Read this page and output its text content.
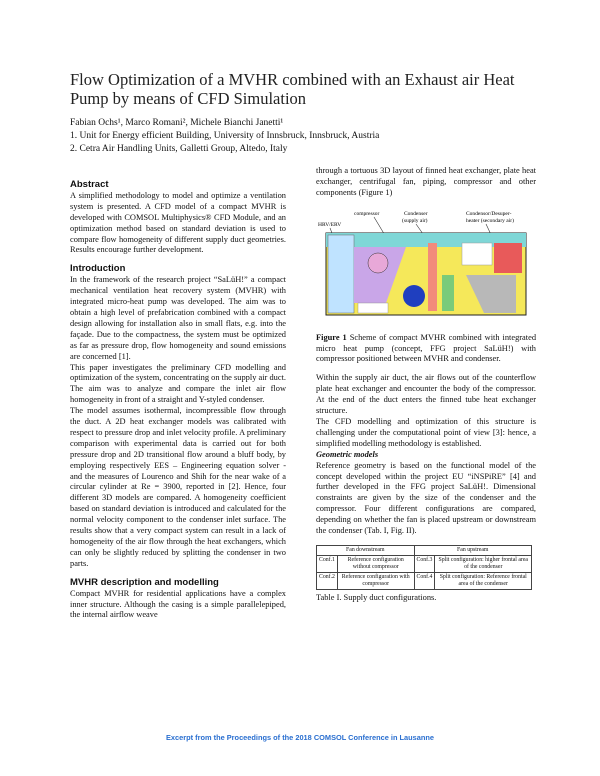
Flow Optimization of a MVHR combined with an Exhaust air Heat Pump by means of CFD Simulation
Fabian Ochs¹, Marco Romani², Michele Bianchi Janetti¹
1. Unit for Energy efficient Building, University of Innsbruck, Innsbruck, Austria
2. Cetra Air Handling Units, Galletti Group, Altedo, Italy

Abstract

A simplified methodology to model and optimize a ventilation system is presented. A CFD model of a compact MVHR is developed with COMSOL Multiphysics® CFD Module, and an optimization method based on standard deviation is used to compare flow homogeneity of different supply duct geometries. Results encourage further development.

Introduction

In the framework of the research project “SaLüH!” a compact mechanical ventilation heat recovery system (MVHR) with integrated micro-heat pump was developed. The aim was to obtain a high level of prefabrication combined with a compact design allowing for installation also in small flats, e.g. into the façade. Due to the compactness, the system must be optimized as far as pressure drop, flow homogeneity and sound emissions are concerned [1].

This paper investigates the preliminary CFD modelling and optimization of the system, concentrating on the supply air duct. The aim was to analyze and compare the inlet air flow homogeneity in front of a straight and Y-styled condenser.

The model assumes isothermal, incompressible flow through the duct. A 2D heat exchanger models was calibrated with respect to pressure drop and inlet velocity profile. A preliminary comparison with experimental data is carried out for both pressure drop and 2D transitional flow around a bluff body, by employing respectively EES – Engineering equation solver - and the measures of Lourenco and Shih for the near wake of a circular cylinder at Re = 3900, reported in [2]. Hence, four different 3D models are compared. A homogeneity coefficient based on standard deviation is introduced and calculated for the normal velocity component to the condenser inlet surface. The results show that a very compact system can result in a lack of homogeneity of the air flow through the heat exchangers, which can only be slightly reduced by splitting the condenser in two parts.

MVHR description and modelling

Compact MVHR for residential applications have a complex inner structure. Although the casing is a simple parallelepiped, the internal airflow weave

through a tortuous 3D layout of finned heat exchanger, plate heat exchanger, centrifugal fan, piping, compressor and other components (Figure 1)

compressor	Condenser
(supply air)
Condensor/Desuper-
heater (secondary air)
HRV/ERV

Figure 1 Scheme of compact MVHR combined with integrated micro heat pump (concept, FFG project SaLüH!) with compressor positioned between MVHR and condenser.

Within the supply air duct, the air flows out of the counterflow plate heat exchanger and encounter the body of the compressor. At the end of the duct enters the finned tube heat exchanger structure.

The CFD modelling and optimization of this structure is challenging under the computational point of view [3]: hence, a simplified modelling methodology is established.

Geometric models

Reference geometry is based on the functional model of the concept developed within the project EU “iNSPiRE” [4] and further developed in the FFG project SaLüH!. Dimensional constraints are given by the size of the condenser and the compressor. Four different configurations are compared, depending on whether the fan is placed upstream or downstream the condenser (Tab. I, Fig. II).

Fan downstream		Fan upstream	
Conf.1	Reference configuration without compressor	Conf.3	Split configuration: higher frontal area of the condenser
Conf.2	Reference configuration with compressor	Conf.4	Split configuration: Reference frontal area of the condenser

Table I. Supply duct configurations.

Excerpt from the Proceedings of the 2018 COMSOL Conference in Lausanne
